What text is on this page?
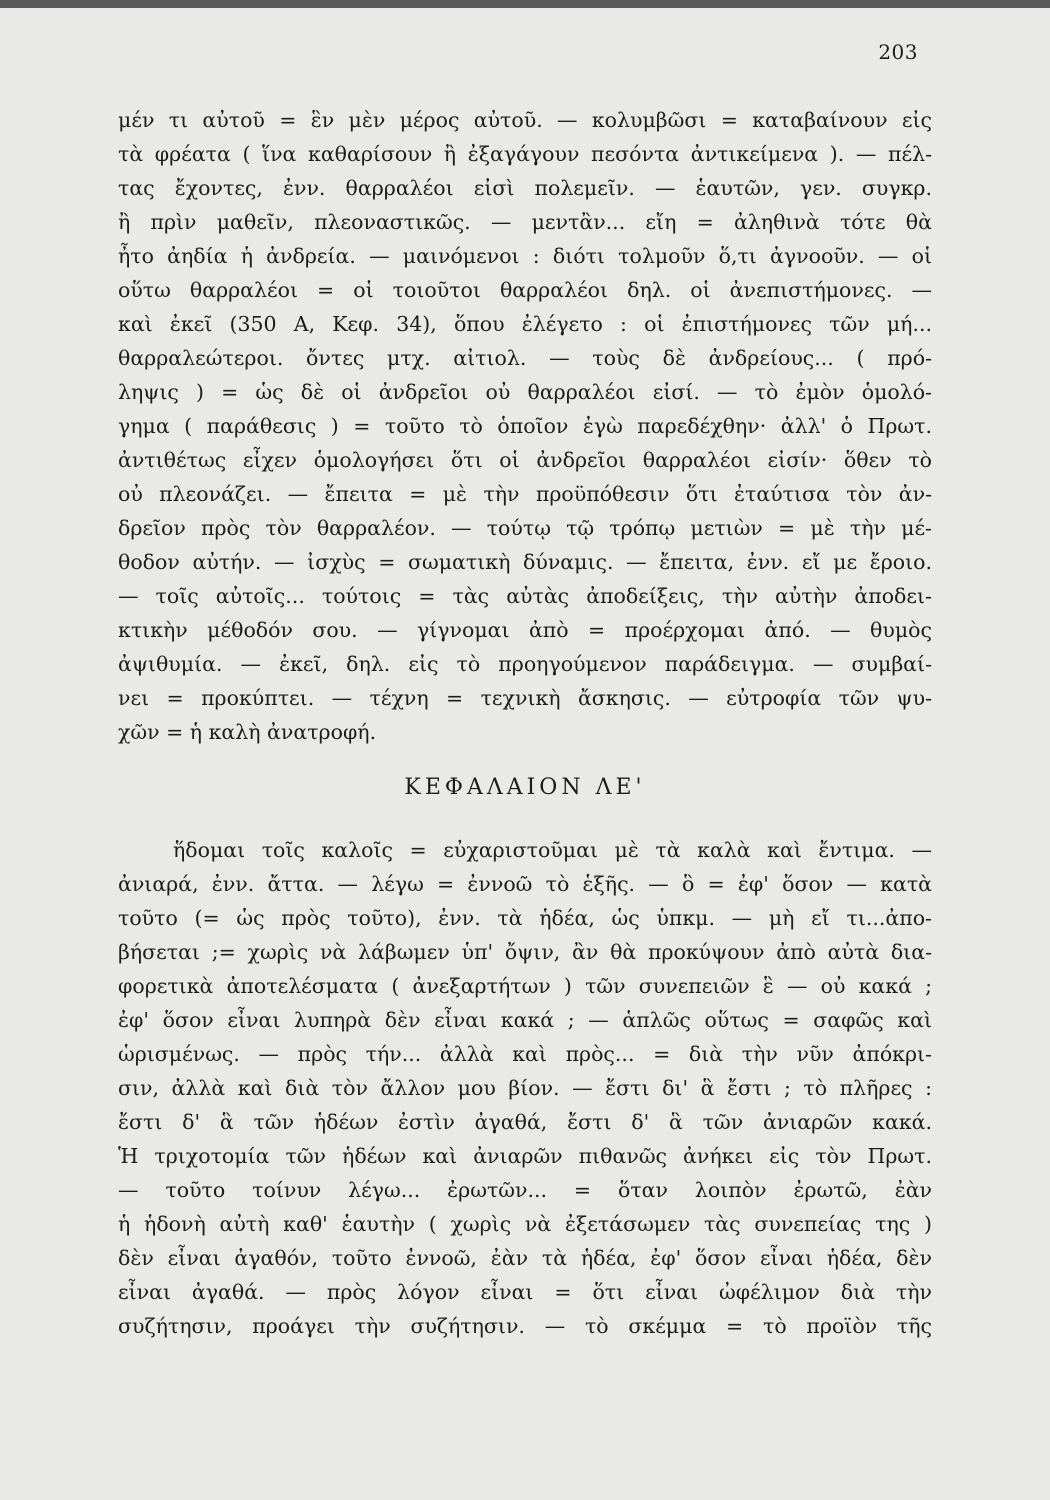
203

μέν τι αὐτοῦ = ἓν μὲν μέρος αὐτοῦ. — κολυμβῶσι = καταβαίνουν εἰς

τὰ φρέατα ( ἵνα καθαρίσουν ἢ ἐξαγάγουν πεσόντα ἀντικείμενα ). — πέλ-

τας ἔχοντες, ἐνν. θαρραλέοι εἰσὶ πολεμεῖν. — ἑαυτῶν, γεν. συγκρ.

ἢ πρὶν μαθεῖν, πλεοναστικῶς. — μεντἂν... εἴη = ἀληθινὰ τότε θὰ

ἦτο ἀηδία ἡ ἀνδρεία. — μαινόμενοι : διότι τολμοῦν ὅ,τι ἀγνοοῦν. — οἱ

οὕτω θαρραλέοι = οἱ τοιοῦτοι θαρραλέοι δηλ. οἱ ἀνεπιστήμονες. —

καὶ ἐκεῖ (350 Α, Κεφ. 34), ὅπου ἐλέγετο : οἱ ἐπιστήμονες τῶν μή...

θαρραλεώτεροι. ὄντες μτχ. αἰτιολ. — τοὺς δὲ ἀνδρείους... ( πρό-

ληψις ) = ὡς δὲ οἱ ἀνδρεῖοι οὐ θαρραλέοι εἰσί. — τὸ ἐμὸν ὁμολό-

γημα ( παράθεσις ) = τοῦτο τὸ ὁποῖον ἐγὼ παρεδέχθην· ἀλλ' ὁ Πρωτ.

ἀντιθέτως εἶχεν ὁμολογήσει ὅτι οἱ ἀνδρεῖοι θαρραλέοι εἰσίν· ὅθεν τὸ

οὐ πλεονάζει. — ἔπειτα = μὲ τὴν προϋπόθεσιν ὅτι ἐταύτισα τὸν ἀν-

δρεῖον πρὸς τὸν θαρραλέον. — τούτῳ τῷ τρόπῳ μετιὼν = μὲ τὴν μέ-

θοδον αὐτήν. — ἰσχὺς = σωματικὴ δύναμις. — ἔπειτα, ἐνν. εἴ με ἔροιο.

— τοῖς αὐτοῖς... τούτοις = τὰς αὐτὰς ἀποδείξεις, τὴν αὐτὴν ἀποδει-

κτικὴν μέθοδόν σου. — γίγνομαι ἀπὸ = προέρχομαι ἀπό. — θυμὸς

ἀψιθυμία. — ἐκεῖ, δηλ. εἰς τὸ προηγούμενον παράδειγμα. — συμβαί-

νει = προκύπτει. — τέχνη = τεχνικὴ ἄσκησις. — εὐτροφία τῶν ψυ-

χῶν = ἡ καλὴ ἀνατροφή.

ΚΕΦΑΛΑΙΟΝ ΛΕ'

ἥδομαι τοῖς καλοῖς = εὐχαριστοῦμαι μὲ τὰ καλὰ καὶ ἔντιμα. —

ἀνιαρά, ἐνν. ἄττα. — λέγω = ἐννοῶ τὸ ἑξῆς. — ὃ = ἐφ' ὅσον — κατὰ

τοῦτο (= ὡς πρὸς τοῦτο), ἐνν. τὰ ἡδέα, ὡς ὑπκμ. — μὴ εἴ τι...ἀπο-

βήσεται ;= χωρὶς νὰ λάβωμεν ὑπ' ὄψιν, ἂν θὰ προκύψουν ἀπὸ αὐτὰ δια-

φορετικὰ ἀποτελέσματα ( ἀνεξαρτήτων ) τῶν συνεπειῶν ἓ — οὐ κακά ;

ἐφ' ὅσον εἶναι λυπηρὰ δὲν εἶναι κακά ; — ἁπλῶς οὕτως = σαφῶς καὶ

ὡρισμένως. — πρὸς τήν... ἀλλὰ καὶ πρὸς... = διὰ τὴν νῦν ἀπόκρι-

σιν, ἀλλὰ καὶ διὰ τὸν ἄλλον μου βίον. — ἔστι δι' ἃ ἔστι ; τὸ πλῆρες :

ἔστι δ' ἃ τῶν ἡδέων ἐστὶν ἀγαθά, ἔστι δ' ἃ τῶν ἀνιαρῶν κακά.

Ἡ τριχοτομία τῶν ἡδέων καὶ ἀνιαρῶν πιθανῶς ἀνήκει εἰς τὸν Πρωτ.

— τοῦτο τοίνυν λέγω... ἐρωτῶν... = ὅταν λοιπὸν ἐρωτῶ, ἐὰν

ἡ ἡδονὴ αὐτὴ καθ' ἑαυτὴν ( χωρὶς νὰ ἐξετάσωμεν τὰς συνεπείας της )

δὲν εἶναι ἀγαθόν, τοῦτο ἐννοῶ, ἐὰν τὰ ἡδέα, ἐφ' ὅσον εἶναι ἡδέα, δὲν

εἶναι ἀγαθά. — πρὸς λόγον εἶναι = ὅτι εἶναι ὠφέλιμον διὰ τὴν

συζήτησιν, προάγει τὴν συζήτησιν. — τὸ σκέμμα = τὸ προϊὸν τῆς
